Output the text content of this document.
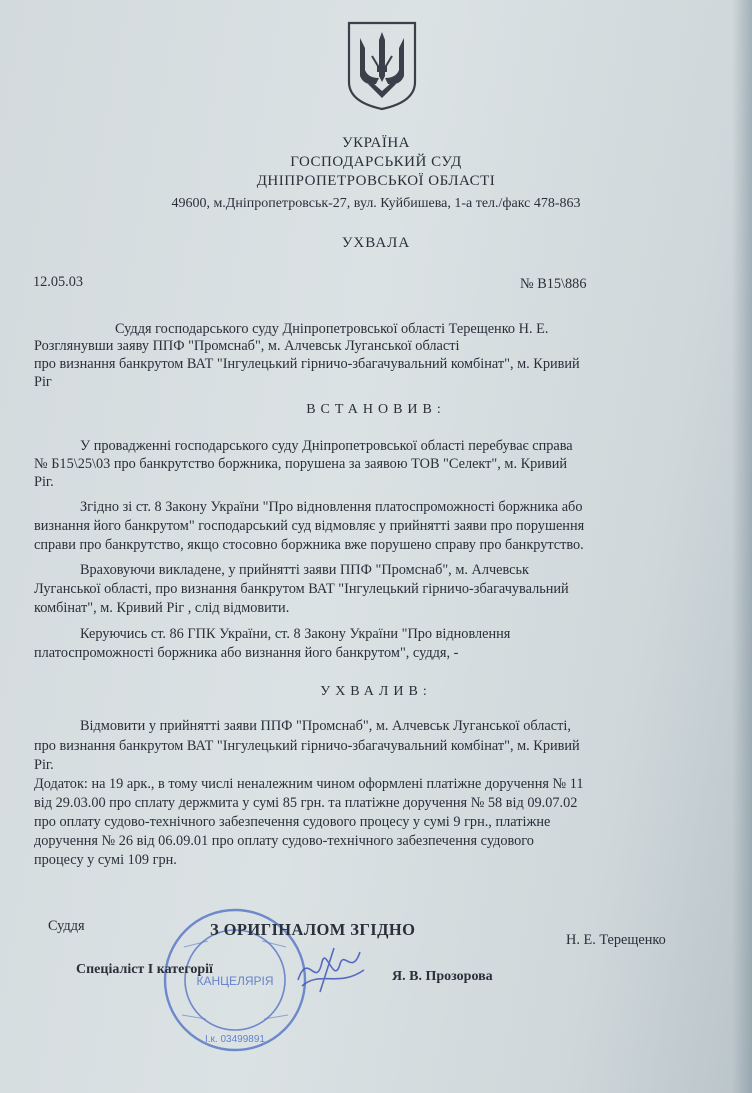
УКРАЇНА
ГОСПОДАРСЬКИЙ СУД
ДНІПРОПЕТРОВСЬКОЇ ОБЛАСТІ
49600, м.Дніпропетровськ-27, вул. Куйбишева, 1-а тел./факс 478-863
УХВАЛА
12.05.03	№ В15\886
Суддя господарського суду Дніпропетровської області Терещенко Н. Е.
Розглянувши заяву ППФ "Промснаб", м. Алчевськ Луганської області
про визнання банкрутом ВАТ "Інгулецький гірничо-збагачувальний комбінат", м. Кривий
Ріг
ВСТАНОВИВ:
У провадженні господарського суду Дніпропетровської області перебуває справа
№ Б15\25\03 про банкрутство боржника, порушена за заявою ТОВ "Селект", м. Кривий
Ріг.
Згідно зі ст. 8 Закону України "Про відновлення платоспроможності боржника або
визнання його банкрутом" господарський суд відмовляє у прийнятті заяви про порушення
справи про банкрутство, якщо стосовно боржника вже порушено справу про банкрутство.
Враховуючи викладене, у прийнятті заяви ППФ "Промснаб", м. Алчевськ
Луганської області, про визнання банкрутом ВАТ "Інгулецький гірничо-збагачувальний
комбінат", м. Кривий Ріг , слід відмовити.
Керуючись ст. 86 ГПК України, ст. 8 Закону України "Про відновлення
платоспроможності боржника або визнання його банкрутом", суддя, -
УХВАЛИВ:
Відмовити у прийнятті заяви ППФ "Промснаб", м. Алчевськ Луганської області,
про визнання банкрутом ВАТ "Інгулецький гірничо-збагачувальний комбінат", м. Кривий
Ріг.
Додаток: на 19 арк., в тому числі неналежним чином оформлені платіжне доручення № 11
від 29.03.00 про сплату держмита у сумі 85 грн. та платіжне доручення № 58 від 09.07.02
про оплату судово-технічного забезпечення судового процесу у сумі 9 грн., платіжне
доручення № 26 від 06.09.01 про оплату судово-технічного забезпечення судового
процесу у сумі 109 грн.
КАНЦЕЛЯРІЯ
І.к. 03499891
Суддя	З ОРИГІНАЛОМ ЗГІДНО
Н. Е. Терещенко
Спеціаліст І категорії	Я. В. Прозорова
